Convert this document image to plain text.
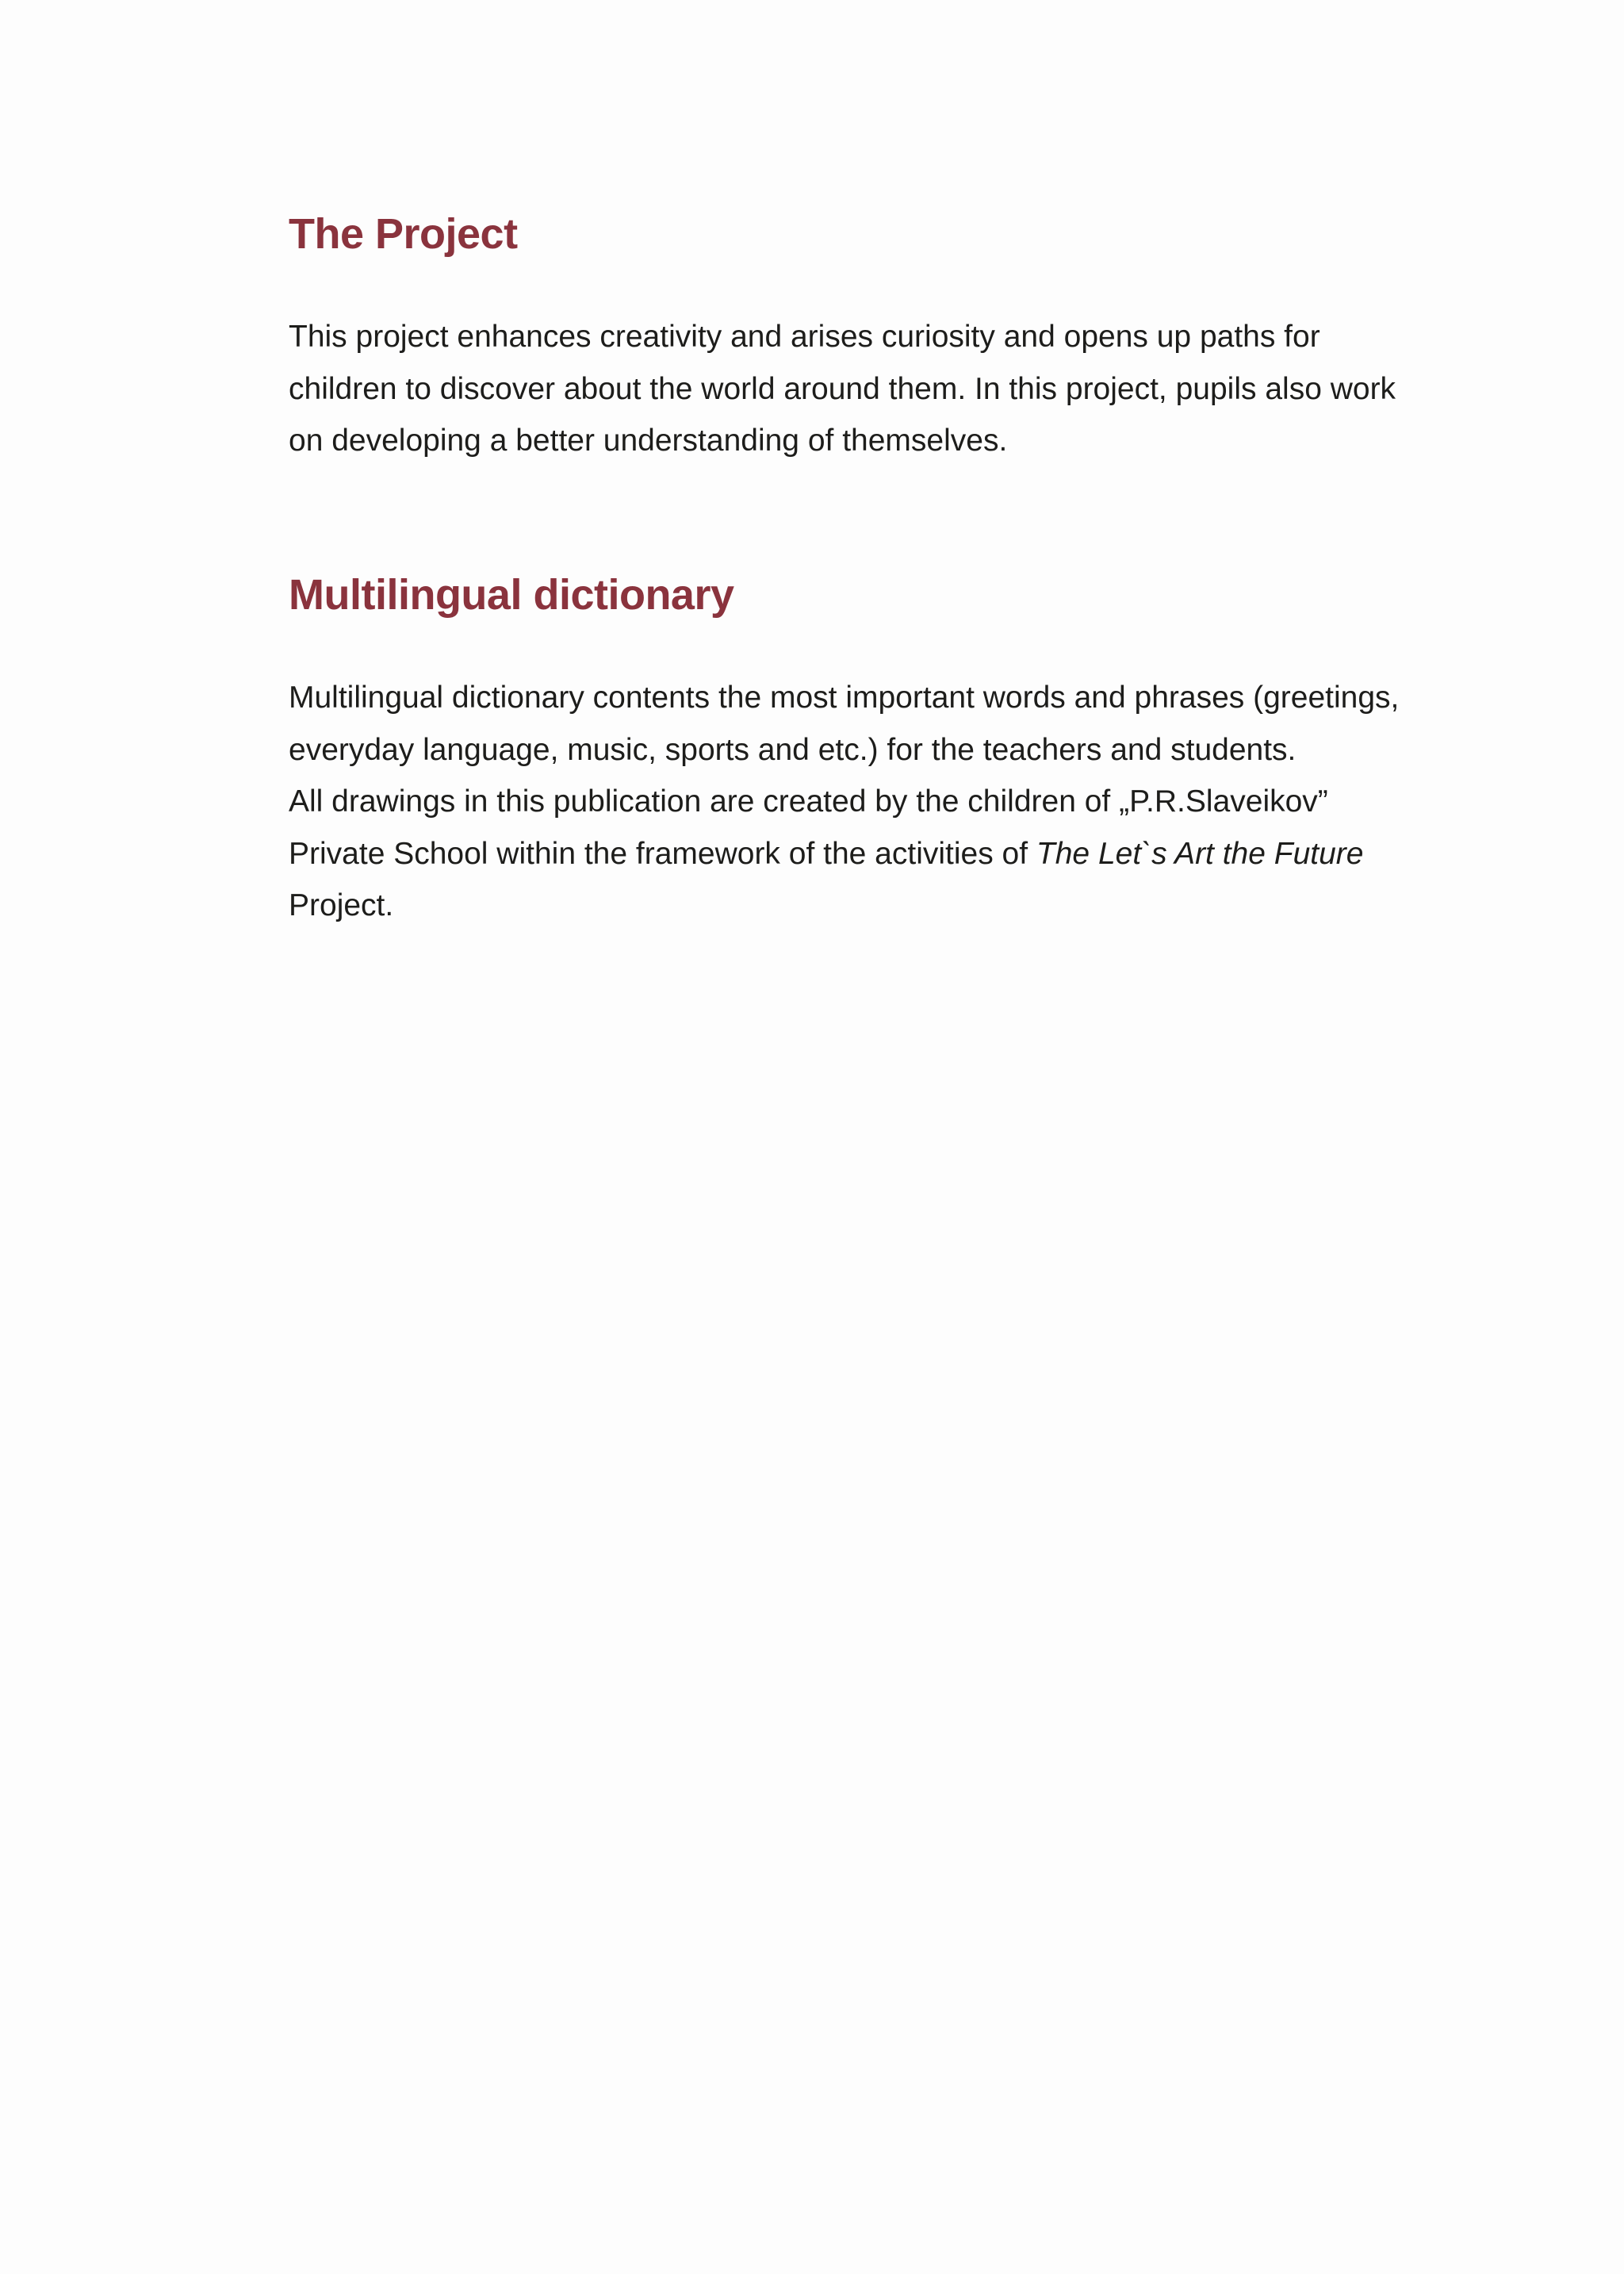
The Project

This project enhances creativity and arises curiosity and opens up paths for children to discover about the world around them. In this project, pupils also work on developing a better understanding of themselves.

Multilingual dictionary

Multilingual dictionary contents the most important words and phrases (greetings, everyday language, music, sports and etc.) for the teachers and students.

All drawings in this publication are created by the children of „P.R.Slaveikov” Private School within the framework of the activities of The Let`s Art the Future Project.
